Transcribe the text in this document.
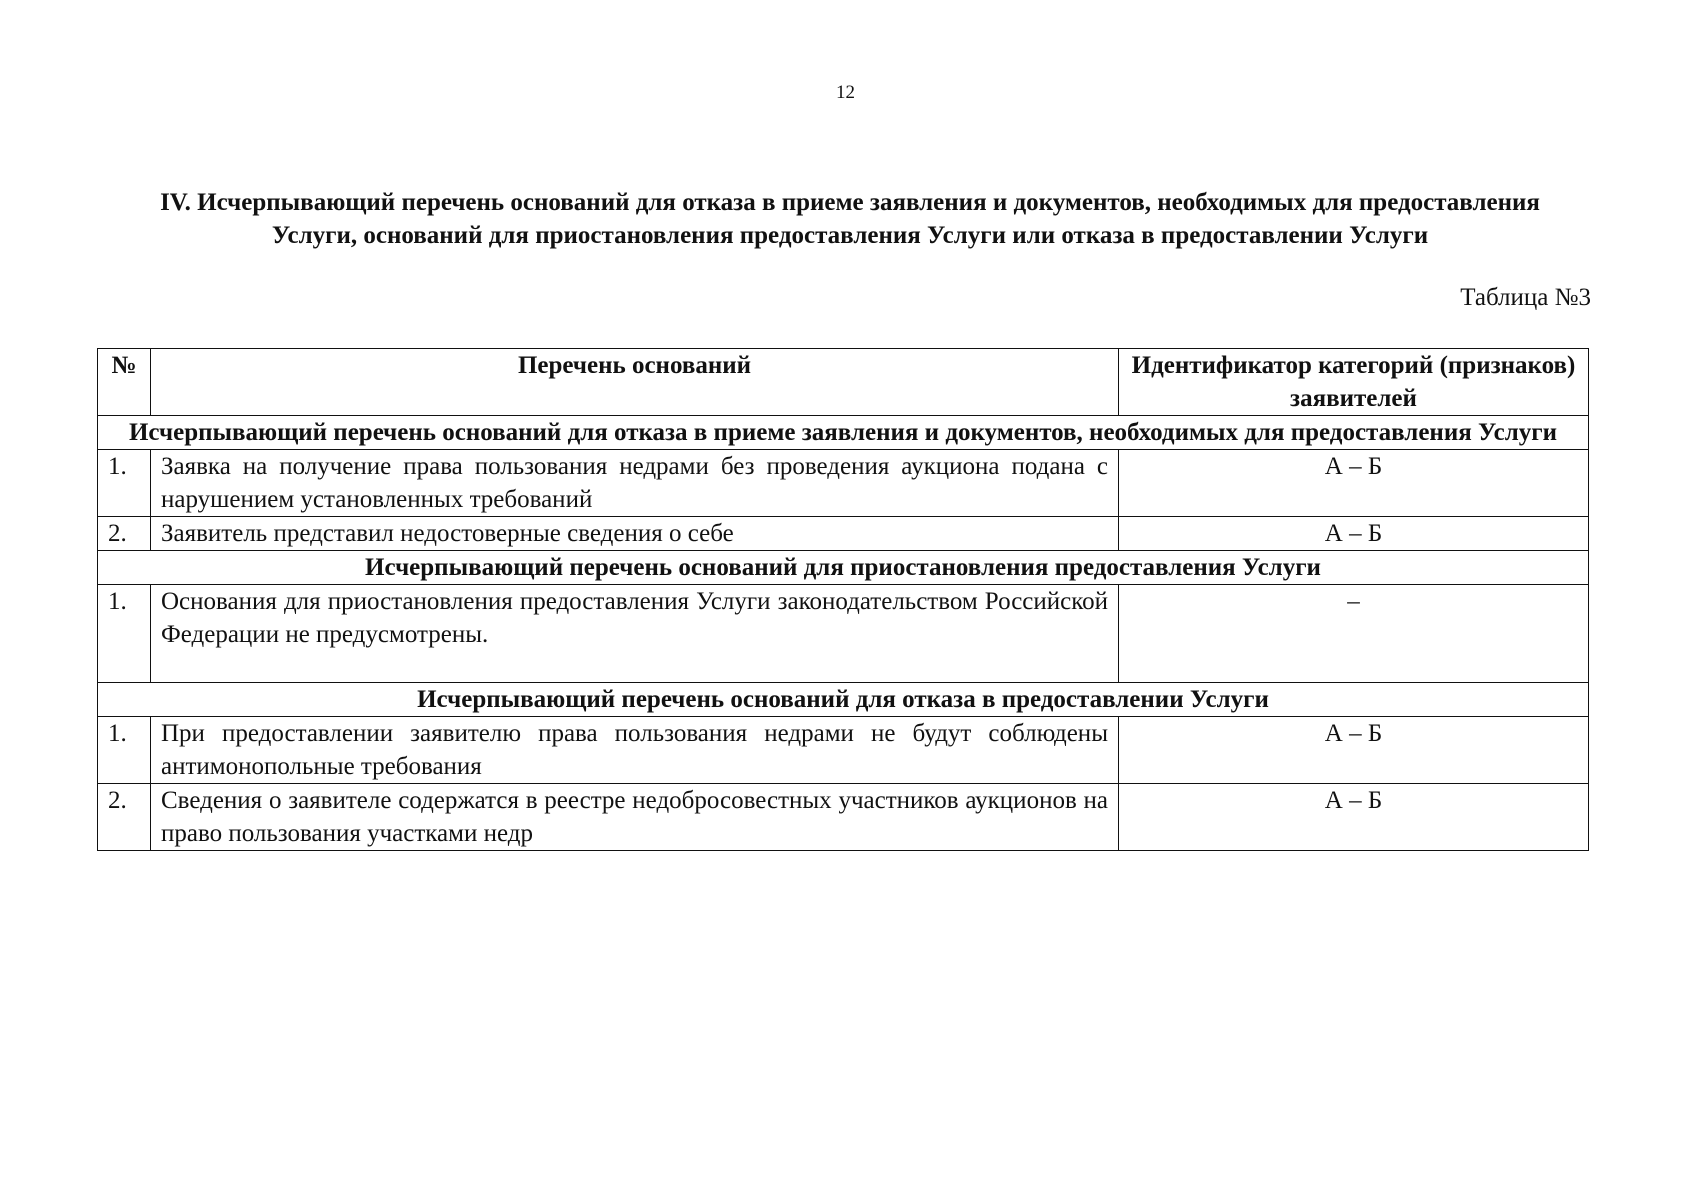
12
IV. Исчерпывающий перечень оснований для отказа в приеме заявления и документов, необходимых для предоставления Услуги, оснований для приостановления предоставления Услуги или отказа в предоставлении Услуги
Таблица №3
№	Перечень оснований	Идентификатор категорий (признаков) заявителей
Исчерпывающий перечень оснований для отказа в приеме заявления и документов, необходимых для предоставления Услуги		
1.	Заявка на получение права пользования недрами без проведения аукциона подана с нарушением установленных требований	А – Б
2.	Заявитель представил недостоверные сведения о себе	А – Б
Исчерпывающий перечень оснований для приостановления предоставления Услуги		
1.	Основания для приостановления предоставления Услуги законодательством Российской Федерации не предусмотрены.	–
Исчерпывающий перечень оснований для отказа в предоставлении Услуги		
1.	При предоставлении заявителю права пользования недрами не будут соблюдены антимонопольные требования	А – Б
2.	Сведения о заявителе содержатся в реестре недобросовестных участников аукционов на право пользования участками недр	А – Б
